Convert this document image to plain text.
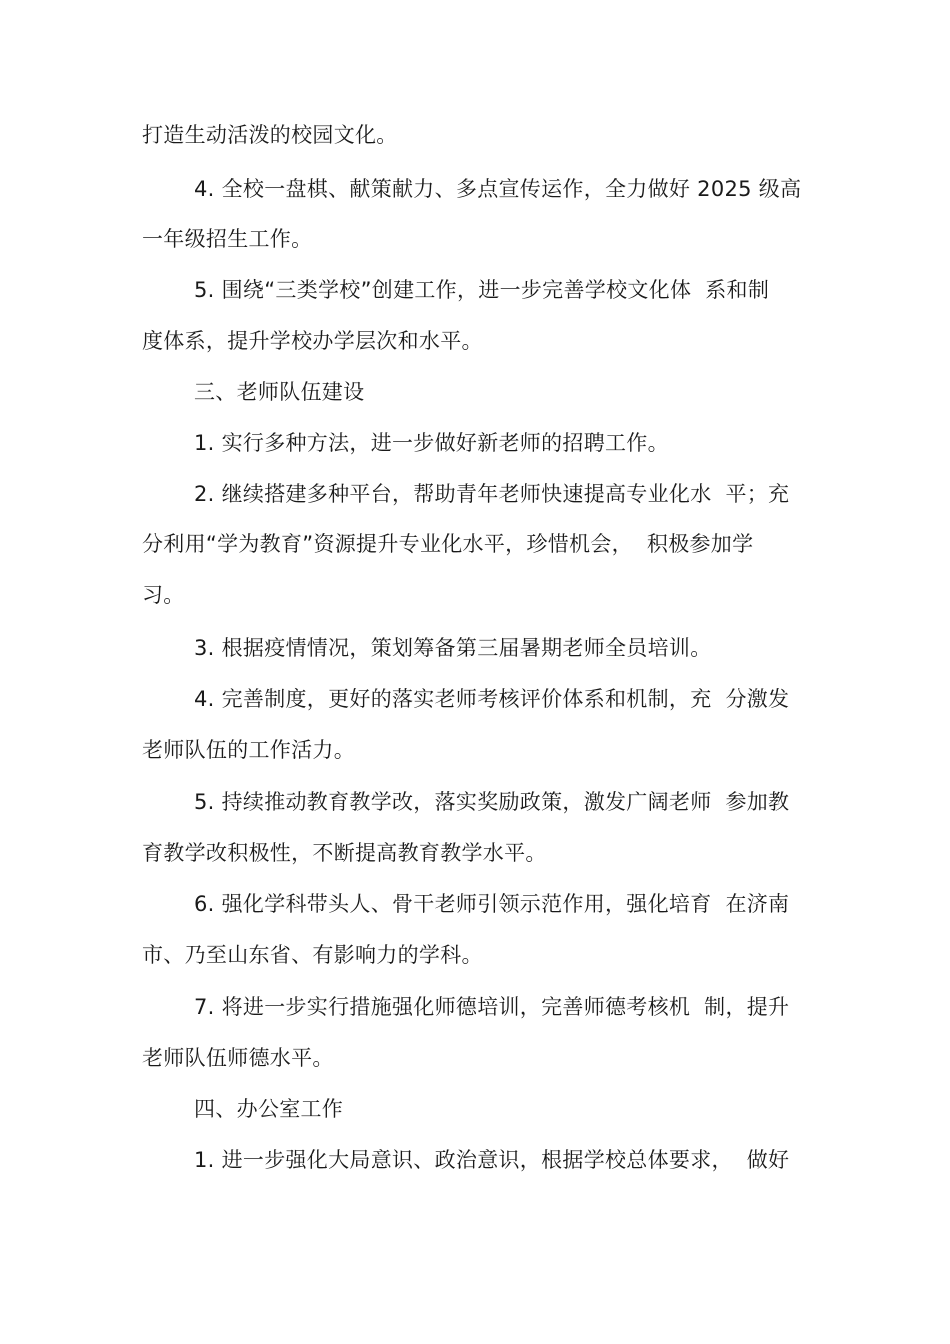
打造生动活泼的校园文化。
4. 全校一盘棋、献策献力、多点宣传运作，全力做好 2025 级高
一年级招生工作。
5. 围绕“三类学校”创建工作，进一步完善学校文化体  系和制
度体系，提升学校办学层次和水平。
三、老师队伍建设
1. 实行多种方法，进一步做好新老师的招聘工作。
2. 继续搭建多种平台，帮助青年老师快速提高专业化水  平；充
分利用“学为教育”资源提升专业化水平，珍惜机会，  积极参加学
习。
3. 根据疫情情况，策划筹备第三届暑期老师全员培训。
4. 完善制度，更好的落实老师考核评价体系和机制，充  分激发
老师队伍的工作活力。
5. 持续推动教育教学改，落实奖励政策，激发广阔老师  参加教
育教学改积极性，不断提高教育教学水平。
6. 强化学科带头人、骨干老师引领示范作用，强化培育  在济南
市、乃至山东省、有影响力的学科。
7. 将进一步实行措施强化师德培训，完善师德考核机  制，提升
老师队伍师德水平。
四、办公室工作
1. 进一步强化大局意识、政治意识，根据学校总体要求，  做好
